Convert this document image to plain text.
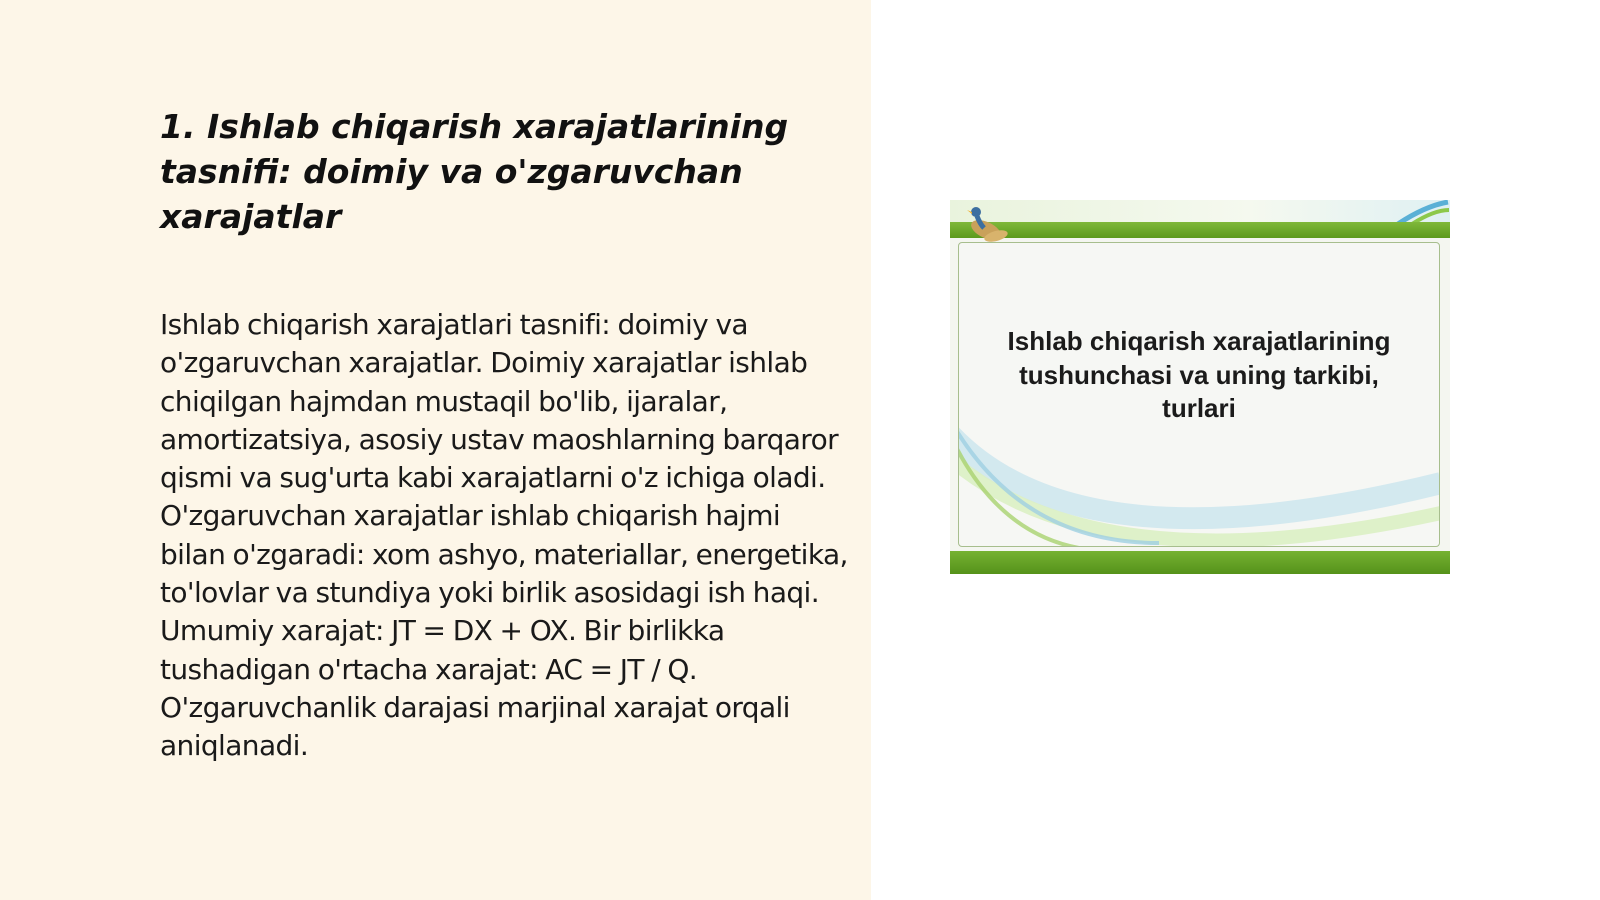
1. Ishlab chiqarish xarajatlarining tasnifi: doimiy va o'zgaruvchan xarajatlar

Ishlab chiqarish xarajatlari tasnifi: doimiy va o'zgaruvchan xarajatlar. Doimiy xarajatlar ishlab chiqilgan hajmdan mustaqil bo'lib, ijaralar, amortizatsiya, asosiy ustav maoshlarning barqaror qismi va sug'urta kabi xarajatlarni o'z ichiga oladi. O'zgaruvchan xarajatlar ishlab chiqarish hajmi bilan o'zgaradi: xom ashyo, materiallar, energetika, to'lovlar va stundiya yoki birlik asosidagi ish haqi. Umumiy xarajat: JT = DX + OX. Bir birlikka tushadigan o'rtacha xarajat: AC = JT / Q. O'zgaruvchanlik darajasi marjinal xarajat orqali aniqlanadi.

Ishlab chiqarish xarajatlarining tushunchasi va uning tarkibi, turlari
